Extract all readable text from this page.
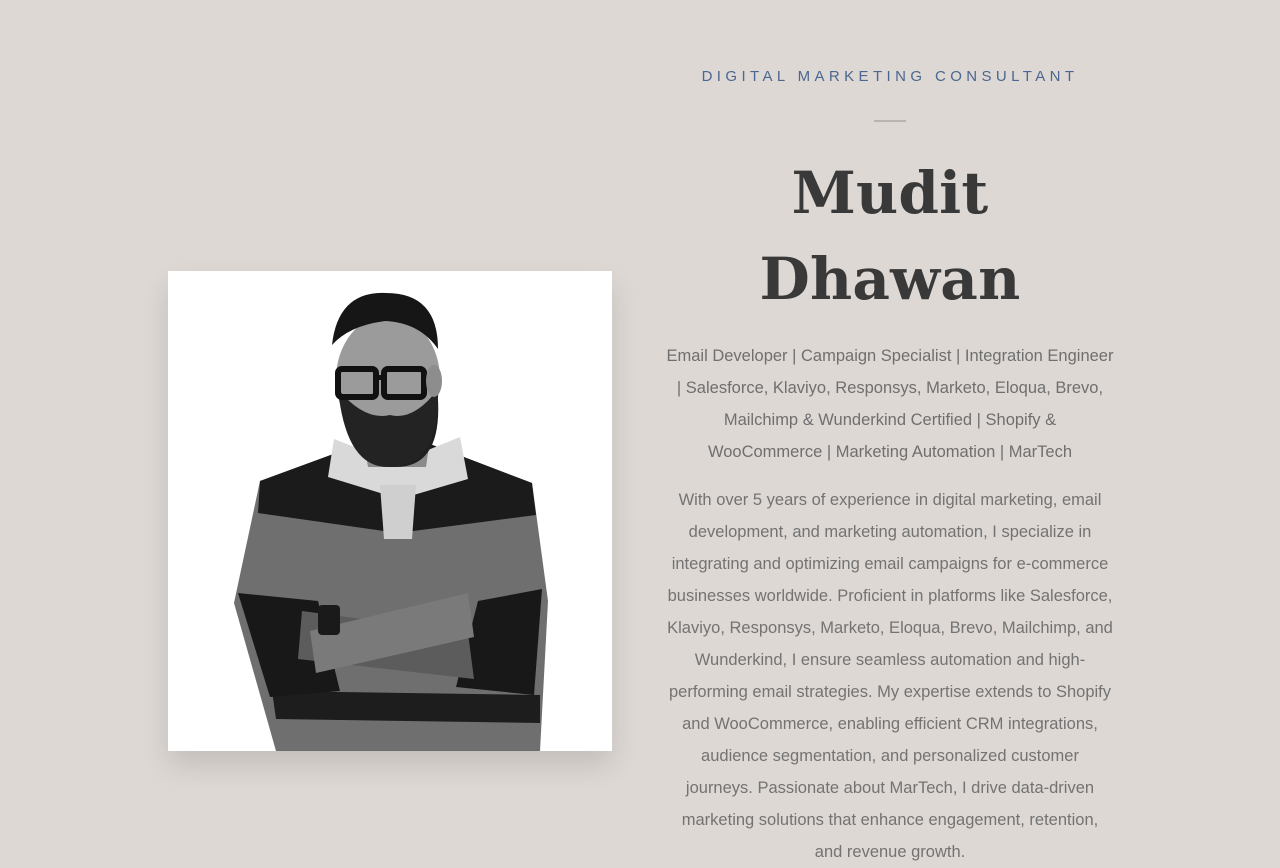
DIGITAL MARKETING CONSULTANT

Mudit Dhawan

Email Developer | Campaign Specialist | Integration Engineer | Salesforce, Klaviyo, Responsys, Marketo, Eloqua, Brevo, Mailchimp & Wunderkind Certified | Shopify & WooCommerce | Marketing Automation | MarTech

With over 5 years of experience in digital marketing, email development, and marketing automation, I specialize in integrating and optimizing email campaigns for e-commerce businesses worldwide. Proficient in platforms like Salesforce, Klaviyo, Responsys, Marketo, Eloqua, Brevo, Mailchimp, and Wunderkind, I ensure seamless automation and high-performing email strategies. My expertise extends to Shopify and WooCommerce, enabling efficient CRM integrations, audience segmentation, and personalized customer journeys. Passionate about MarTech, I drive data-driven marketing solutions that enhance engagement, retention, and revenue growth.
